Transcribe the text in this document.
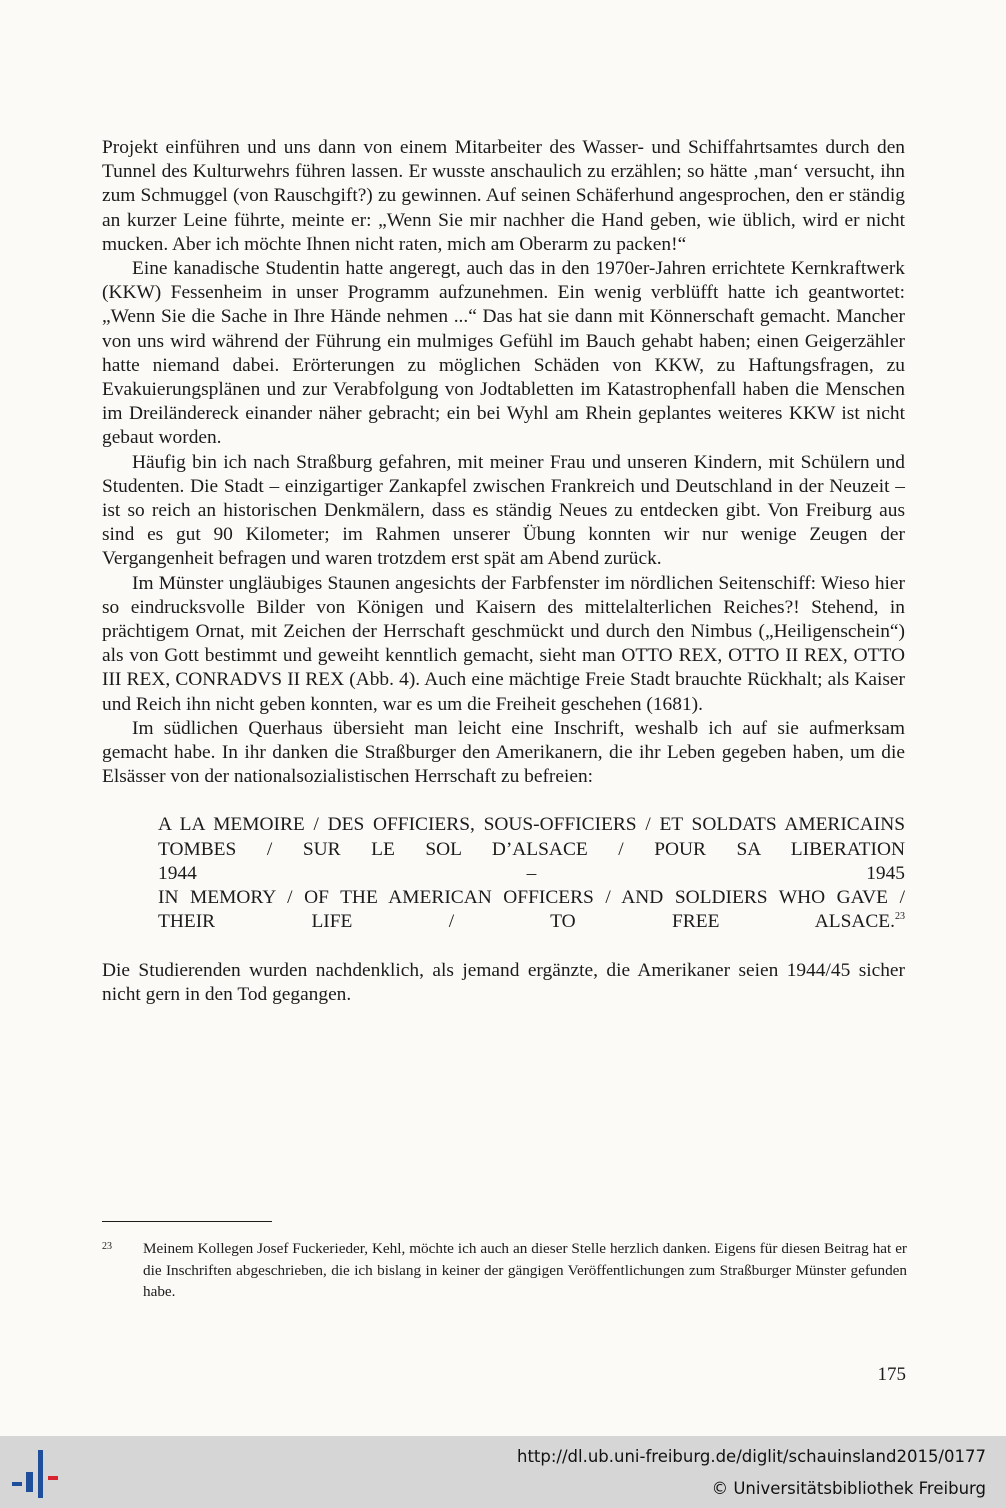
Projekt einführen und uns dann von einem Mitarbeiter des Wasser- und Schiffahrtsamtes durch den Tunnel des Kulturwehrs führen lassen. Er wusste anschaulich zu erzählen; so hätte ‚man‘ versucht, ihn zum Schmuggel (von Rauschgift?) zu gewinnen. Auf seinen Schäferhund angesprochen, den er ständig an kurzer Leine führte, meinte er: „Wenn Sie mir nachher die Hand geben, wie üblich, wird er nicht mucken. Aber ich möchte Ihnen nicht raten, mich am Oberarm zu packen!“

Eine kanadische Studentin hatte angeregt, auch das in den 1970er-Jahren errichtete Kernkraftwerk (KKW) Fessenheim in unser Programm aufzunehmen. Ein wenig verblüfft hatte ich geantwortet: „Wenn Sie die Sache in Ihre Hände nehmen ...“ Das hat sie dann mit Könnerschaft gemacht. Mancher von uns wird während der Führung ein mulmiges Gefühl im Bauch gehabt haben; einen Geigerzähler hatte niemand dabei. Erörterungen zu möglichen Schäden von KKW, zu Haftungsfragen, zu Evakuierungsplänen und zur Verabfolgung von Jodtabletten im Katastrophenfall haben die Menschen im Dreiländereck einander näher gebracht; ein bei Wyhl am Rhein geplantes weiteres KKW ist nicht gebaut worden.

Häufig bin ich nach Straßburg gefahren, mit meiner Frau und unseren Kindern, mit Schülern und Studenten. Die Stadt – einzigartiger Zankapfel zwischen Frankreich und Deutschland in der Neuzeit – ist so reich an historischen Denkmälern, dass es ständig Neues zu entdecken gibt. Von Freiburg aus sind es gut 90 Kilometer; im Rahmen unserer Übung konnten wir nur wenige Zeugen der Vergangenheit befragen und waren trotzdem erst spät am Abend zurück.

Im Münster ungläubiges Staunen angesichts der Farbfenster im nördlichen Seitenschiff: Wieso hier so eindrucksvolle Bilder von Königen und Kaisern des mittelalterlichen Reiches?! Stehend, in prächtigem Ornat, mit Zeichen der Herrschaft geschmückt und durch den Nimbus („Heiligenschein“) als von Gott bestimmt und geweiht kenntlich gemacht, sieht man OTTO REX, OTTO II REX, OTTO III REX, CONRADVS II REX (Abb. 4). Auch eine mächtige Freie Stadt brauchte Rückhalt; als Kaiser und Reich ihn nicht geben konnten, war es um die Freiheit geschehen (1681).

Im südlichen Querhaus übersieht man leicht eine Inschrift, weshalb ich auf sie aufmerksam gemacht habe. In ihr danken die Straßburger den Amerikanern, die ihr Leben gegeben haben, um die Elsässer von der nationalsozialistischen Herrschaft zu befreien:

A LA MEMOIRE / DES OFFICIERS, SOUS-OFFICIERS / ET SOLDATS AMERICAINS
TOMBES / SUR LE SOL D’ALSACE / POUR SA LIBERATION
1944 – 1945
IN MEMORY / OF THE AMERICAN OFFICERS / AND SOLDIERS WHO GAVE /
THEIR LIFE / TO FREE ALSACE.$^{23}$

Die Studierenden wurden nachdenklich, als jemand ergänzte, die Amerikaner seien 1944/45 sicher nicht gern in den Tod gegangen.

23 Meinem Kollegen Josef Fuckerieder, Kehl, möchte ich auch an dieser Stelle herzlich danken. Eigens für diesen Beitrag hat er die Inschriften abgeschrieben, die ich bislang in keiner der gängigen Veröffentlichungen zum Straßburger Münster gefunden habe.
175
http://dl.ub.uni-freiburg.de/diglit/schauinsland2015/0177
© Universitätsbibliothek Freiburg
